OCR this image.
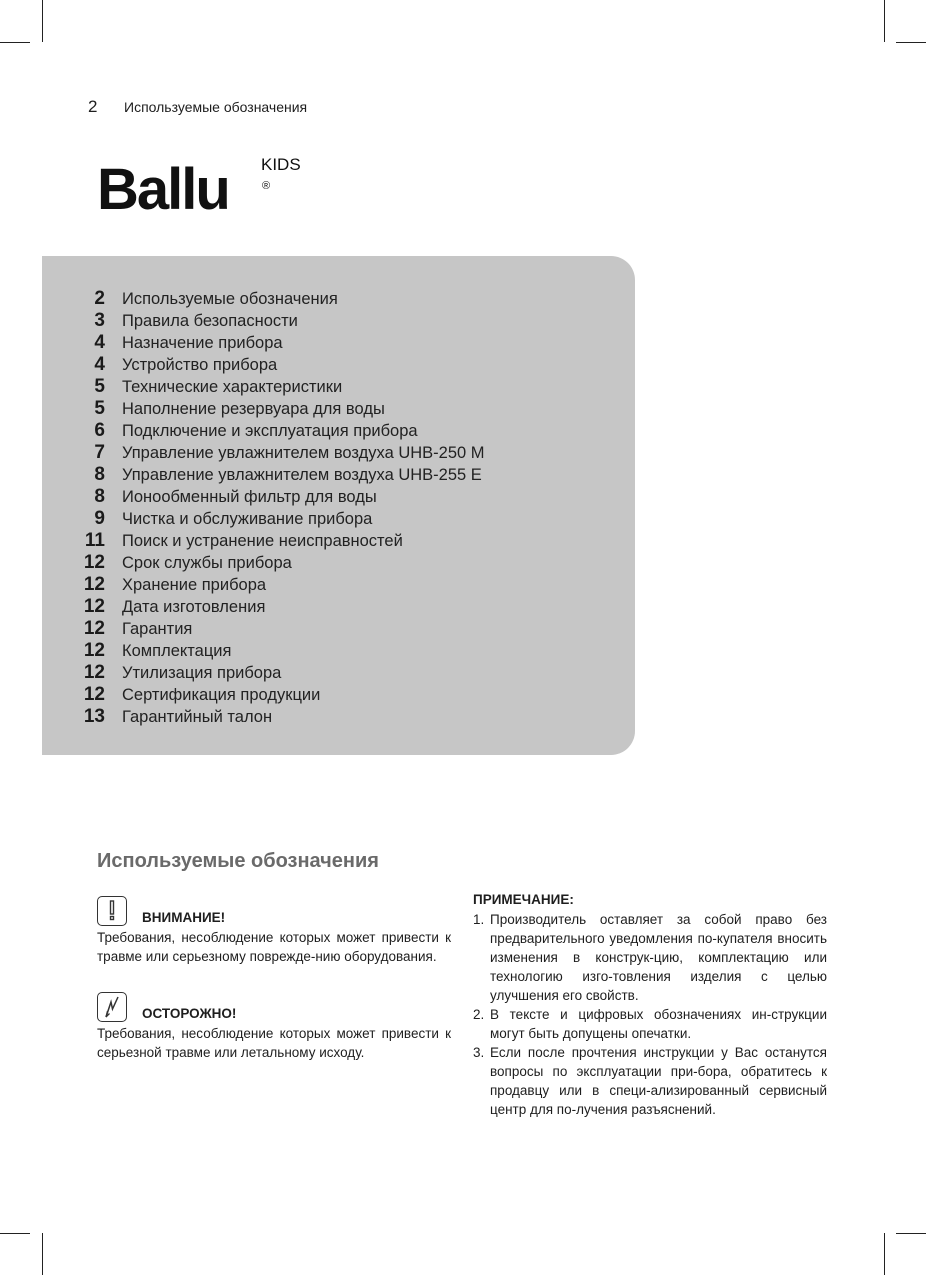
2	Используемые обозначения
Ballu KIDS
®
2	Используемые обозначения
3	Правила безопасности
4	Назначение прибора
4	Устройство прибора
5	Технические характеристики
5	Наполнение резервуара для воды
6	Подключение и эксплуатация прибора
7	Управление увлажнителем воздуха UHB-250 M
8	Управление увлажнителем воздуха UHB-255 E
8	Ионообменный фильтр для воды
9	Чистка и обслуживание прибора
11	Поиск и устранение неисправностей
12	Срок службы прибора
12	Хранение прибора
12	Дата изготовления
12	Гарантия
12	Комплектация
12	Утилизация прибора
12	Сертификация продукции
13	Гарантийный талон
Используемые обозначения
ВНИМАНИЕ!

Требования, несоблюдение которых может привести к травме или серьезному поврежде-нию оборудования.

ОСТОРОЖНО!

Требования, несоблюдение которых может привести к серьезной травме или летальному исходу.

ПРИМЕЧАНИЕ:

1. Производитель оставляет за собой право без предварительного уведомления по-купателя вносить изменения в конструк-цию, комплектацию или технологию изго-товления изделия с целью улучшения его свойств.
2. В тексте и цифровых обозначениях ин-струкции могут быть допущены опечатки.
3. Если после прочтения инструкции у Вас останутся вопросы по эксплуатации при-бора, обратитесь к продавцу или в специ-ализированный сервисный центр для по-лучения разъяснений.
